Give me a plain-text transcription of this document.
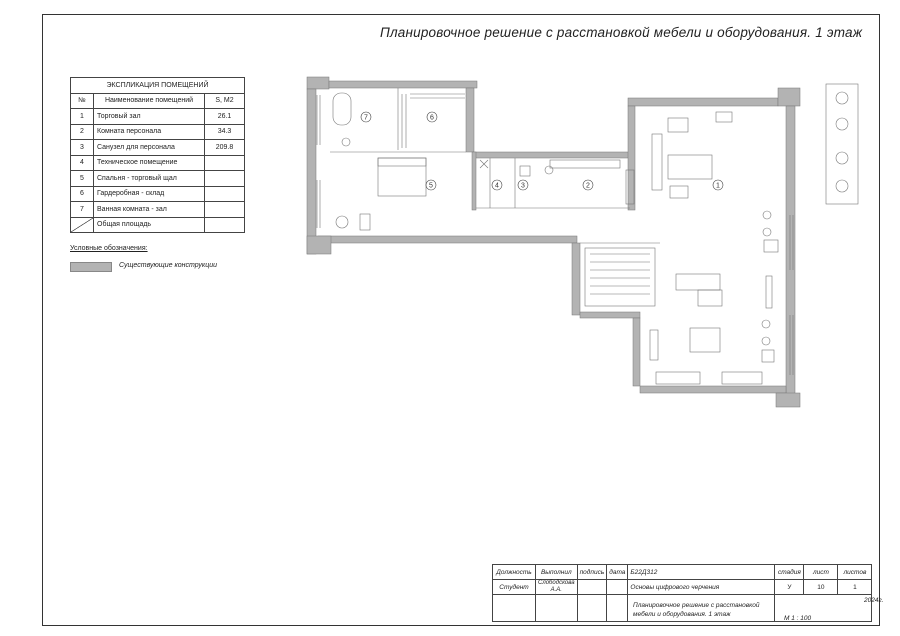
Планировочное решение с расстановкой мебели и оборудования. 1 этаж
ЭКСПЛИКАЦИЯ ПОМЕЩЕНИЙ		
№	Наименование помещений	S, M2
1	Торговый зал	26.1
2	Комната персонала	34.3
3	Санузел для персонала	209.8
4	Техническое помещение	
5	Спальня - торговый щал	
6	Гардеробная - склад	
7	Ванная комната - зал	
	Общая площадь	
Условные обозначения:
Существующие конструкции
7	6
5	4	3	2	1
Должность	Выполнил	подпись	дата	Б22Д312	стадия	лист	листов
Студент	Слободскова А.А.			Основы цифрового черчения	У	10	1

Планировочное решение с расстановкой
мебели и оборудования. 1 этаж
2024г.
М 1 : 100
